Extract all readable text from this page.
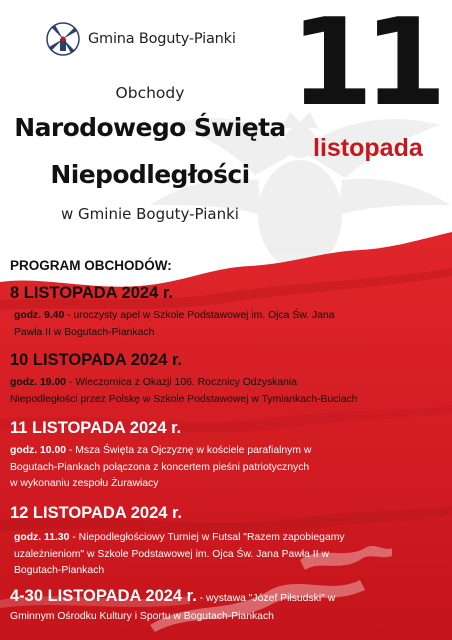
Gmina Boguty-Pianki 11
listopada
Obchody
Narodowego Święta
Niepodległości
w Gminie Boguty-Pianki
PROGRAM OBCHODÓW:
8 LISTOPADA 2024 r.
godz. 9.40 - uroczysty apel w Szkole Podstawowej im. Ojca Św. Jana
Pawła II w Bogutach-Piankach
10 LISTOPADA 2024 r.
godz. 19.00 - Wieczornica z Okazji 106. Rocznicy Odzyskania
Niepodległości przez Polskę w Szkole Podstawowej w Tymiankach-Buciach
11 LISTOPADA 2024 r.
godz. 10.00 - Msza Święta za Ojczyznę w kościele parafialnym w
Bogutach-Piankach połączona z koncertem pieśni patriotycznych
w wykonaniu zespołu Żurawiacy
12 LISTOPADA 2024 r.
godz. 11.30 - Niepodległościowy Turniej w Futsal "Razem zapobiegamy
uzależnieniom" w Szkole Podstawowej im. Ojca Św. Jana Pawła II w
Bogutach-Piankach
4-30 LISTOPADA 2024 r. - wystawa "Józef Piłsudski" w
Gminnym Ośrodku Kultury i Sportu w Bogutach-Piankach
